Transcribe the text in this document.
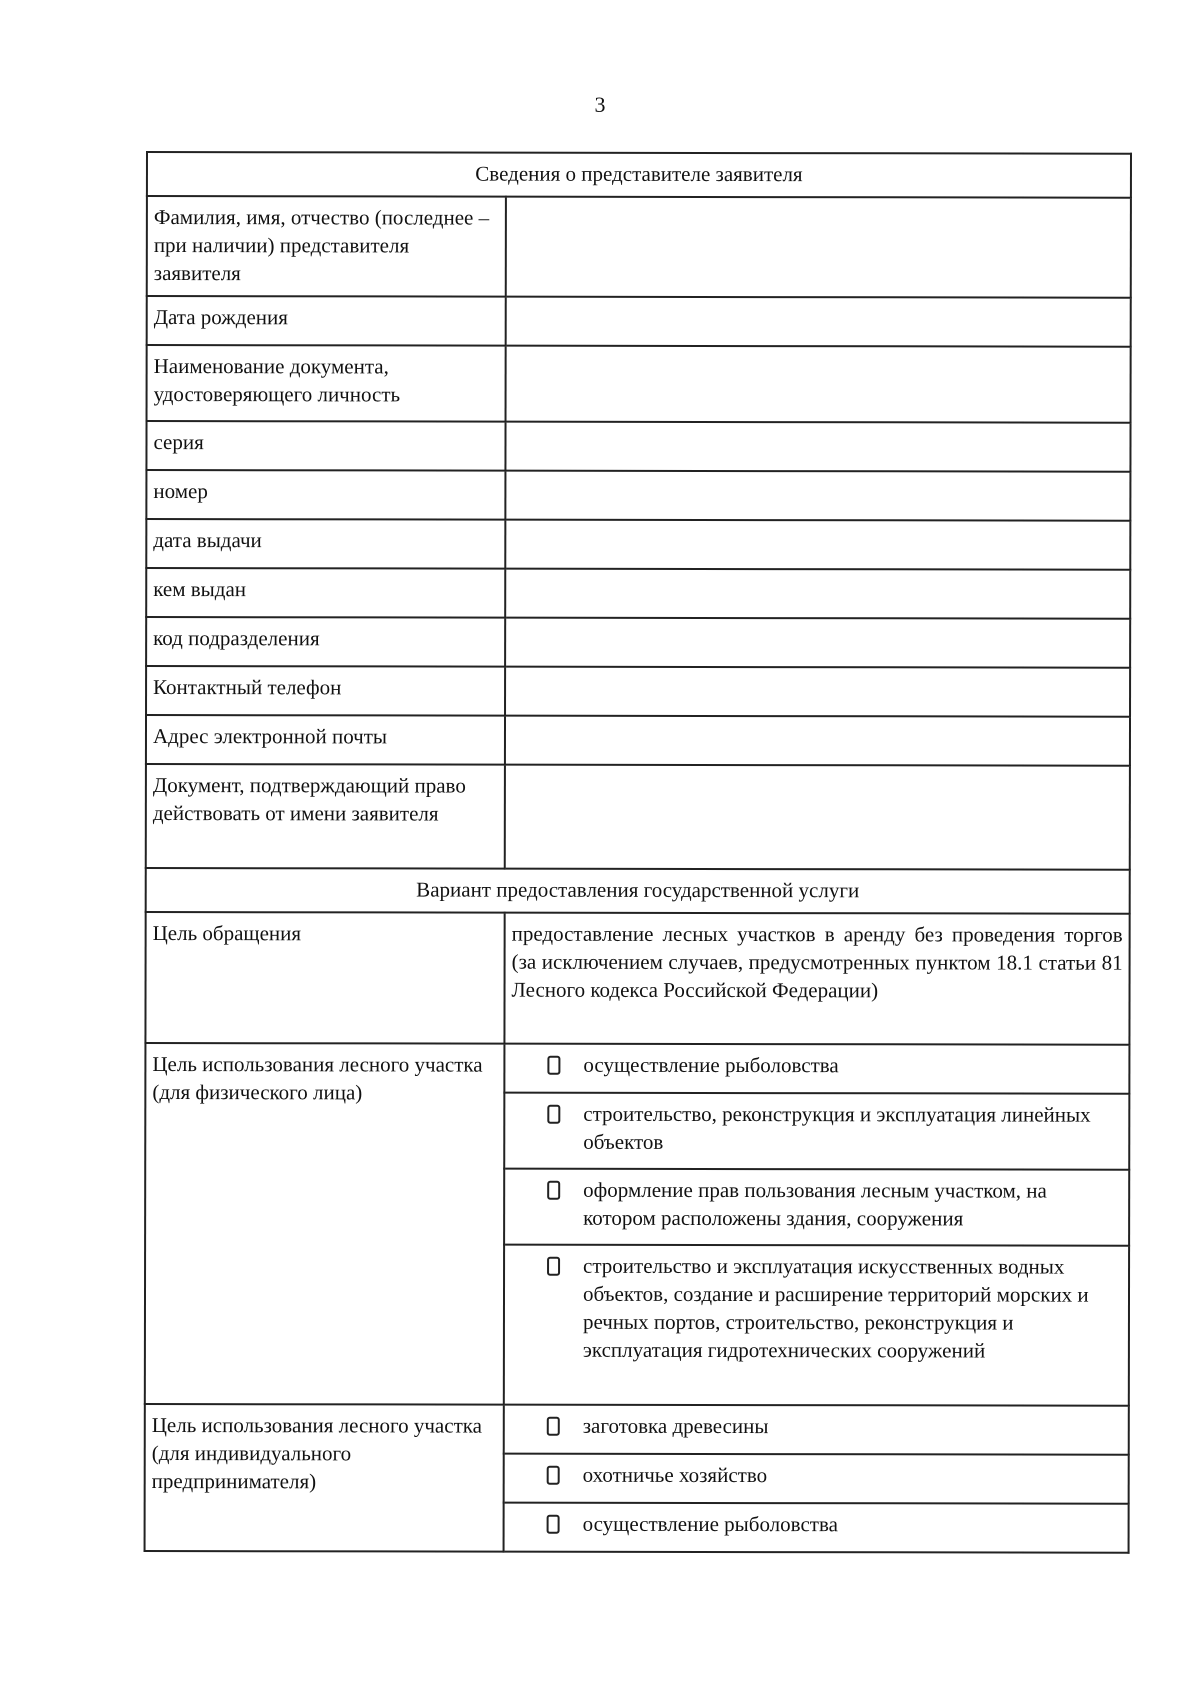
3
Сведения о представителе заявителя	
Фамилия, имя, отчество (последнее – при наличии) представителя заявителя	
Дата рождения	
Наименование документа, удостоверяющего личность	
серия	
номер	
дата выдачи	
кем выдан	
код подразделения	
Контактный телефон	
Адрес электронной почты	
Документ, подтверждающий право действовать от имени заявителя	
Вариант предоставления государственной услуги	
Цель обращения	предоставление лесных участков в аренду без проведения торгов (за исключением случаев, предусмотренных пунктом 18.1 статьи 81 Лесного кодекса Российской Федерации)
Цель использования лесного участка (для физического лица)	осуществление рыболовства

	строительство, реконструкция и эксплуатация линейных объектов

	оформление прав пользования лесным участком, на котором расположены здания, сооружения

	строительство и эксплуатация искусственных водных объектов, создание и расширение территорий морских и речных портов, строительство, реконструкция и эксплуатация гидротехнических сооружений

Цель использования лесного участка (для индивидуального предпринимателя)	заготовка древесины

	охотничье хозяйство

	осуществление рыболовства
